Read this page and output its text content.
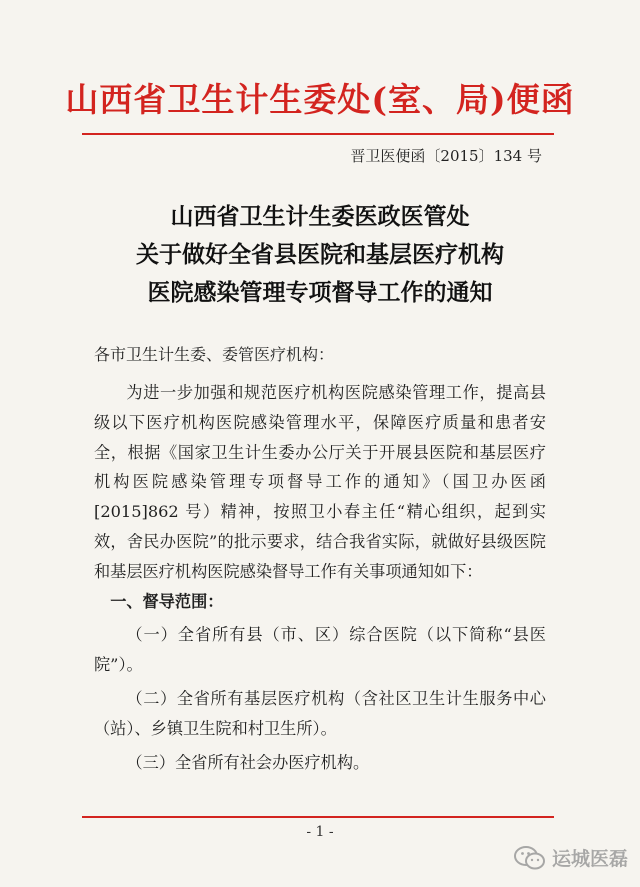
山西省卫生计生委处(室、局)便函
晋卫医便函〔2015〕134 号
山西省卫生计生委医政医管处
关于做好全省县医院和基层医疗机构
医院感染管理专项督导工作的通知
各市卫生计生委、委管医疗机构：

为进一步加强和规范医疗机构医院感染管理工作，提高县级以下医疗机构医院感染管理水平，保障医疗质量和患者安全，根据《国家卫生计生委办公厅关于开展县医院和基层医疗机构医院感染管理专项督导工作的通知》（国卫办医函[2015]862 号）精神，按照卫小春主任“精心组织，起到实效，舍民办医院”的批示要求，结合我省实际，就做好县级医院和基层医疗机构医院感染督导工作有关事项通知如下：

一、督导范围：

（一）全省所有县（市、区）综合医院（以下简称“县医院”）。

（二）全省所有基层医疗机构（含社区卫生计生服务中心（站）、乡镇卫生院和村卫生所）。

（三）全省所有社会办医疗机构。

- 1 -
运城医磊
